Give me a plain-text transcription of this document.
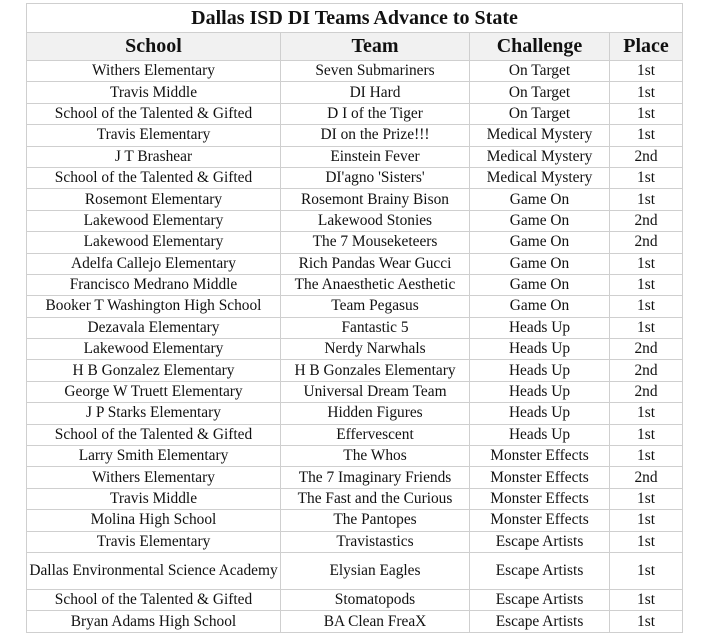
Dallas ISD DI Teams Advance to State			
School	Team	Challenge	Place
Withers Elementary	Seven Submariners	On Target	1st
Travis Middle	DI Hard	On Target	1st
School of the Talented & Gifted	D I of the Tiger	On Target	1st
Travis Elementary	DI on the Prize!!!	Medical Mystery	1st
J T Brashear	Einstein Fever	Medical Mystery	2nd
School of the Talented & Gifted	DI'agno 'Sisters'	Medical Mystery	1st
Rosemont Elementary	Rosemont Brainy Bison	Game On	1st
Lakewood Elementary	Lakewood Stonies	Game On	2nd
Lakewood Elementary	The 7 Mouseketeers	Game On	2nd
Adelfa Callejo Elementary	Rich Pandas Wear Gucci	Game On	1st
Francisco Medrano Middle	The Anaesthetic Aesthetic	Game On	1st
Booker T Washington High School	Team Pegasus	Game On	1st
Dezavala Elementary	Fantastic 5	Heads Up	1st
Lakewood Elementary	Nerdy Narwhals	Heads Up	2nd
H B Gonzalez Elementary	H B Gonzales Elementary	Heads Up	2nd
George W Truett Elementary	Universal Dream Team	Heads Up	2nd
J P Starks Elementary	Hidden Figures	Heads Up	1st
School of the Talented & Gifted	Effervescent	Heads Up	1st
Larry Smith Elementary	The Whos	Monster Effects	1st
Withers Elementary	The 7 Imaginary Friends	Monster Effects	2nd
Travis Middle	The Fast and the Curious	Monster Effects	1st
Molina High School	The Pantopes	Monster Effects	1st
Travis Elementary	Travistastics	Escape Artists	1st
Dallas Environmental Science Academy	Elysian Eagles	Escape Artists	1st
School of the Talented & Gifted	Stomatopods	Escape Artists	1st
Bryan Adams High School	BA Clean FreaX	Escape Artists	1st
